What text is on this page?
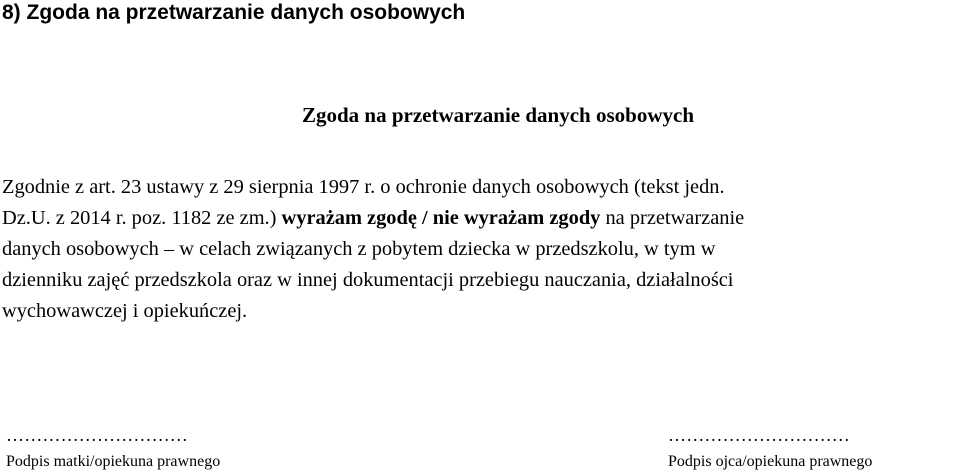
8) Zgoda na przetwarzanie danych osobowych
Zgoda na przetwarzanie danych osobowych
Zgodnie z art. 23 ustawy z 29 sierpnia 1997 r. o ochronie danych osobowych (tekst jedn.
Dz.U. z 2014 r. poz. 1182 ze zm.) wyrażam zgodę / nie wyrażam zgody na przetwarzanie
danych osobowych – w celach związanych z pobytem dziecka w przedszkolu, w tym w
dzienniku zajęć przedszkola oraz w innej dokumentacji przebiegu nauczania, działalności
wychowawczej i opiekuńczej.
…………………………
Podpis matki/opiekuna prawnego
…………………………
Podpis ojca/opiekuna prawnego
